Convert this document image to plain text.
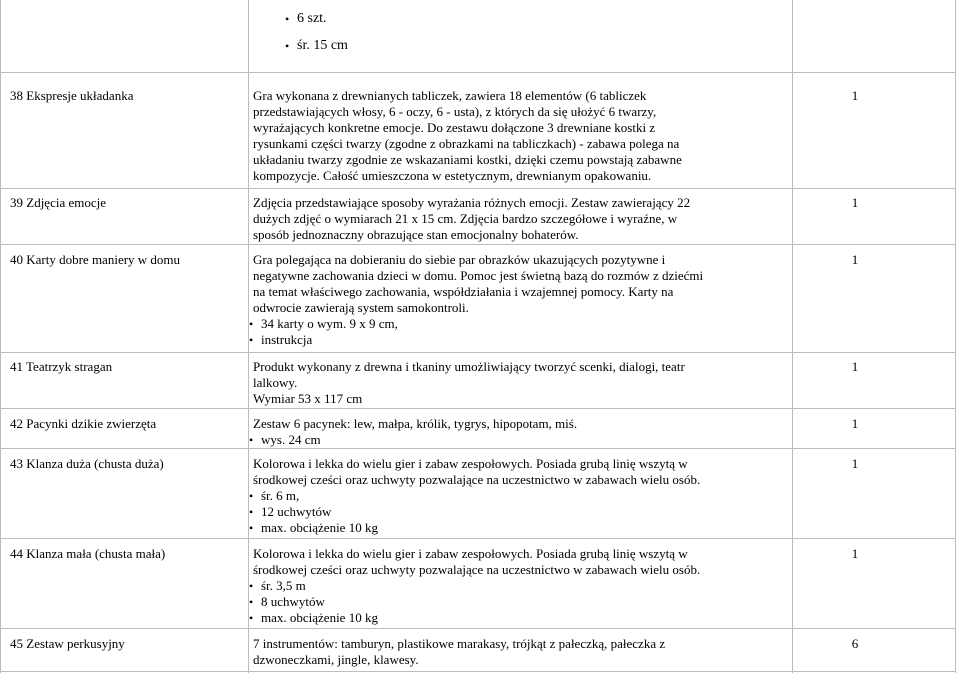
• 6 szt.
• śr. 15 cm
38 Ekspresje układanka	Gra wykonana z drewnianych tabliczek, zawiera 18 elementów (6 tabliczek
przedstawiających włosy, 6 - oczy, 6 - usta), z których da się ułożyć 6 twarzy,
wyrażających konkretne emocje. Do zestawu dołączone 3 drewniane kostki z
rysunkami części twarzy (zgodne z obrazkami na tabliczkach) - zabawa polega na
układaniu twarzy zgodnie ze wskazaniami kostki, dzięki czemu powstają zabawne
kompozycje. Całość umieszczona w estetycznym, drewnianym opakowaniu.
1
39 Zdjęcia emocje	Zdjęcia przedstawiające sposoby wyrażania różnych emocji. Zestaw zawierający 22
dużych zdjęć o wymiarach 21 x 15 cm. Zdjęcia bardzo szczegółowe i wyraźne, w
sposób jednoznaczny obrazujące stan emocjonalny bohaterów.
1
40 Karty dobre maniery w domu	Gra polegająca na dobieraniu do siebie par obrazków ukazujących pozytywne i
negatywne zachowania dzieci w domu. Pomoc jest świetną bazą do rozmów z dziećmi
na temat właściwego zachowania, współdziałania i wzajemnej pomocy. Karty na
odwrocie zawierają system samokontroli.
• 34 karty o wym. 9 x 9 cm,
• instrukcja
1
41 Teatrzyk stragan	Produkt wykonany z drewna i tkaniny umożliwiający tworzyć scenki, dialogi, teatr
lalkowy.
Wymiar 53 x 117 cm
1
42 Pacynki dzikie zwierzęta	Zestaw 6 pacynek: lew, małpa, królik, tygrys, hipopotam, miś.
• wys. 24 cm
1
43 Klanza duża (chusta duża)	Kolorowa i lekka do wielu gier i zabaw zespołowych. Posiada grubą linię wszytą w
środkowej cześci oraz uchwyty pozwalające na uczestnictwo w zabawach wielu osób.
• śr. 6 m,
• 12 uchwytów
• max. obciążenie 10 kg
1
44 Klanza mała (chusta mała)	Kolorowa i lekka do wielu gier i zabaw zespołowych. Posiada grubą linię wszytą w
środkowej cześci oraz uchwyty pozwalające na uczestnictwo w zabawach wielu osób.
• śr. 3,5 m
• 8 uchwytów
• max. obciążenie 10 kg
1
45 Zestaw perkusyjny	7 instrumentów: tamburyn, plastikowe marakasy, trójkąt z pałeczką, pałeczka z
dzwoneczkami, jingle, klawesy.
6
